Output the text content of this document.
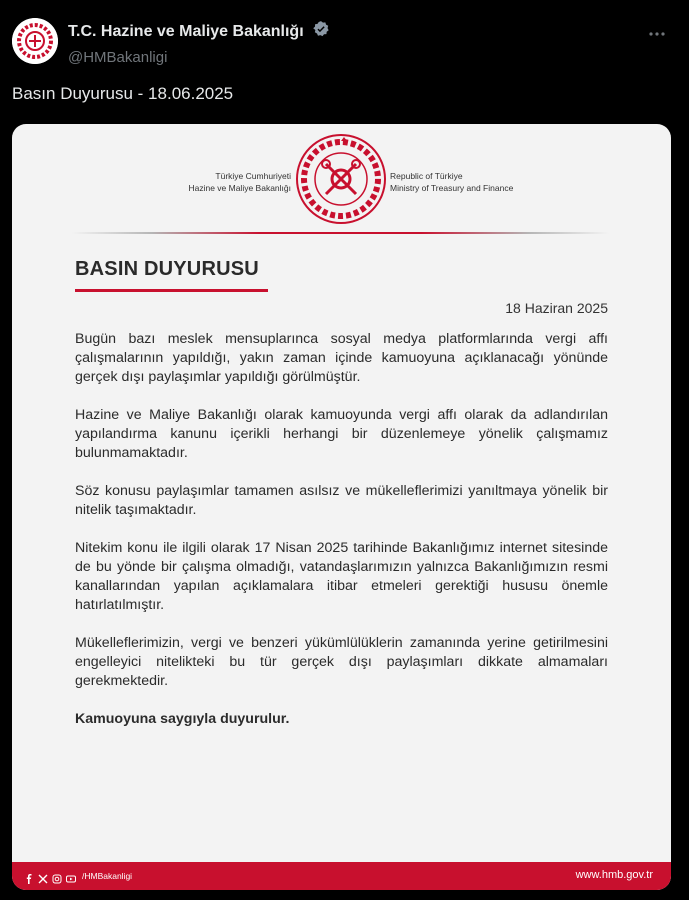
T.C. Hazine ve Maliye Bakanlığı
@HMBakanligi
Basın Duyurusu - 18.06.2025
Türkiye Cumhuriyeti
Hazine ve Maliye Bakanlığı
Republic of Türkiye
Ministry of Treasury and Finance
BASIN DUYURUSU
18 Haziran 2025

Bugün bazı meslek mensuplarınca sosyal medya platformlarında vergi affı çalışmalarının yapıldığı, yakın zaman içinde kamuoyuna açıklanacağı yönünde gerçek dışı paylaşımlar yapıldığı görülmüştür.

Hazine ve Maliye Bakanlığı olarak kamuoyunda vergi affı olarak da adlandırılan yapılandırma kanunu içerikli herhangi bir düzenlemeye yönelik çalışmamız bulunmamaktadır.

Söz konusu paylaşımlar tamamen asılsız ve mükelleflerimizi yanıltmaya yönelik bir nitelik taşımaktadır.

Nitekim konu ile ilgili olarak 17 Nisan 2025 tarihinde Bakanlığımız internet sitesinde de bu yönde bir çalışma olmadığı, vatandaşlarımızın yalnızca Bakanlığımızın resmi kanallarından yapılan açıklamalara itibar etmeleri gerektiği hususu önemle hatırlatılmıştır.

Mükelleflerimizin, vergi ve benzeri yükümlülüklerin zamanında yerine getirilmesini engelleyici nitelikteki bu tür gerçek dışı paylaşımları dikkate almamaları gerekmektedir.

Kamuoyuna saygıyla duyurulur.

/HMBakanligi	www.hmb.gov.tr
